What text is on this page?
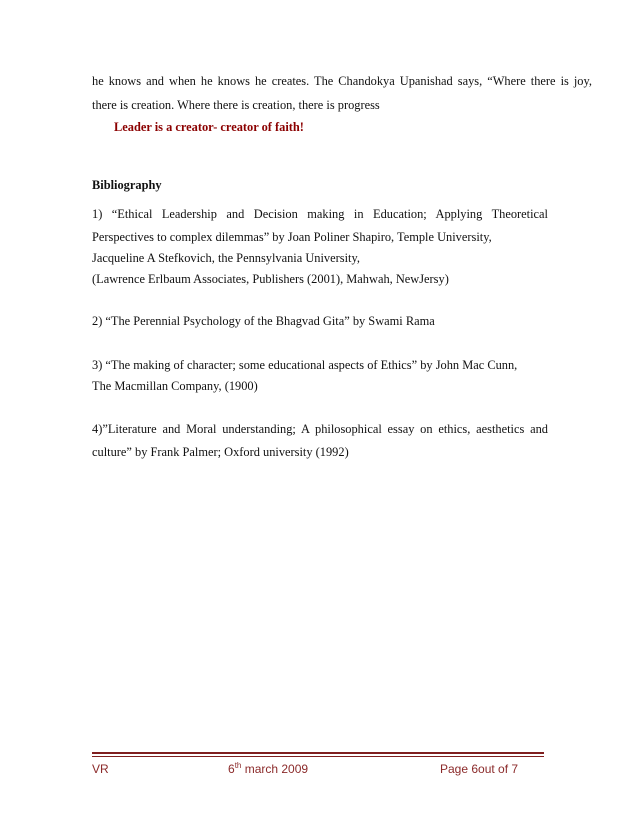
he knows and when he knows he creates. The Chandokya Upanishad says, “Where there is joy,
there is creation. Where there is creation, there is progress
Leader is a creator- creator of faith!
Bibliography
1) “Ethical Leadership and Decision making in Education; Applying Theoretical
Perspectives to complex dilemmas” by Joan Poliner Shapiro, Temple University,
Jacqueline A Stefkovich, the Pennsylvania University,
(Lawrence Erlbaum Associates, Publishers (2001), Mahwah, NewJersy)
2) “The Perennial Psychology of the Bhagvad Gita” by Swami Rama
3) “The making of character; some educational aspects of Ethics” by John Mac Cunn,
The Macmillan Company, (1900)
4)”Literature and Moral understanding; A philosophical essay on ethics, aesthetics and
culture” by Frank Palmer; Oxford university (1992)
VR	6th march 2009	Page 6out of 7
